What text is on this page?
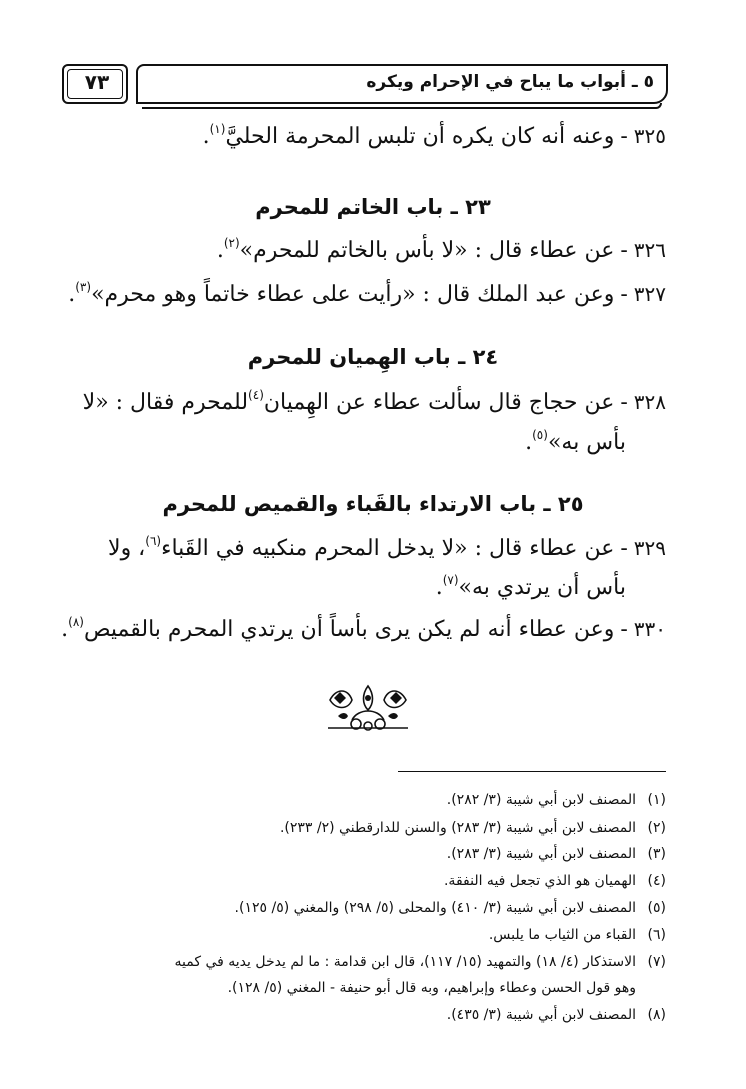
٧٣	٥ ـ أبواب ما يباح في الإحرام ويكره
٣٢٥-وعنه أنه كان يكره أن تلبس المحرمة الحليَّ$^{(١)}$.
٢٣ ـ باب الخاتم للمحرم
٣٢٦-عن عطاء قال : «لا بأس بالخاتم للمحرم»$^{(٢)}$.
٣٢٧-وعن عبد الملك قال : «رأيت على عطاء خاتماً وهو محرم»$^{(٣)}$.
٢٤ ـ باب الهِميان للمحرم
٣٢٨-عن حجاج قال سألت عطاء عن الهِميان$^{(٤)}$للمحرم فقال : «لا
بأس به»$^{(٥)}$.
٢٥ ـ باب الارتداء بالقَباء والقميص للمحرم
٣٢٩-عن عطاء قال : «لا يدخل المحرم منكبيه في القَباء$^{(٦)}$، ولا
بأس أن يرتدي به»$^{(٧)}$.
٣٣٠-وعن عطاء أنه لم يكن يرى بأساً أن يرتدي المحرم بالقميص$^{(٨)}$.
(١)المصنف لابن أبي شيبة (٣/ ٢٨٢).
(٢)المصنف لابن أبي شيبة (٣/ ٢٨٣) والسنن للدارقطني (٢/ ٢٣٣).
(٣)المصنف لابن أبي شيبة (٣/ ٢٨٣).
(٤)الهميان هو الذي تجعل فيه النفقة.
(٥)المصنف لابن أبي شيبة (٣/ ٤١٠) والمحلى (٥/ ٢٩٨) والمغني (٥/ ١٢٥).
(٦)القباء من الثياب ما يلبس.
(٧)الاستذكار (٤/ ١٨) والتمهيد (١٥/ ١١٧)، قال ابن قدامة : ما لم يدخل يديه في كميه
وهو قول الحسن وعطاء وإبراهيم، وبه قال أبو حنيفة - المغني (٥/ ١٢٨).
(٨)المصنف لابن أبي شيبة (٣/ ٤٣٥).
